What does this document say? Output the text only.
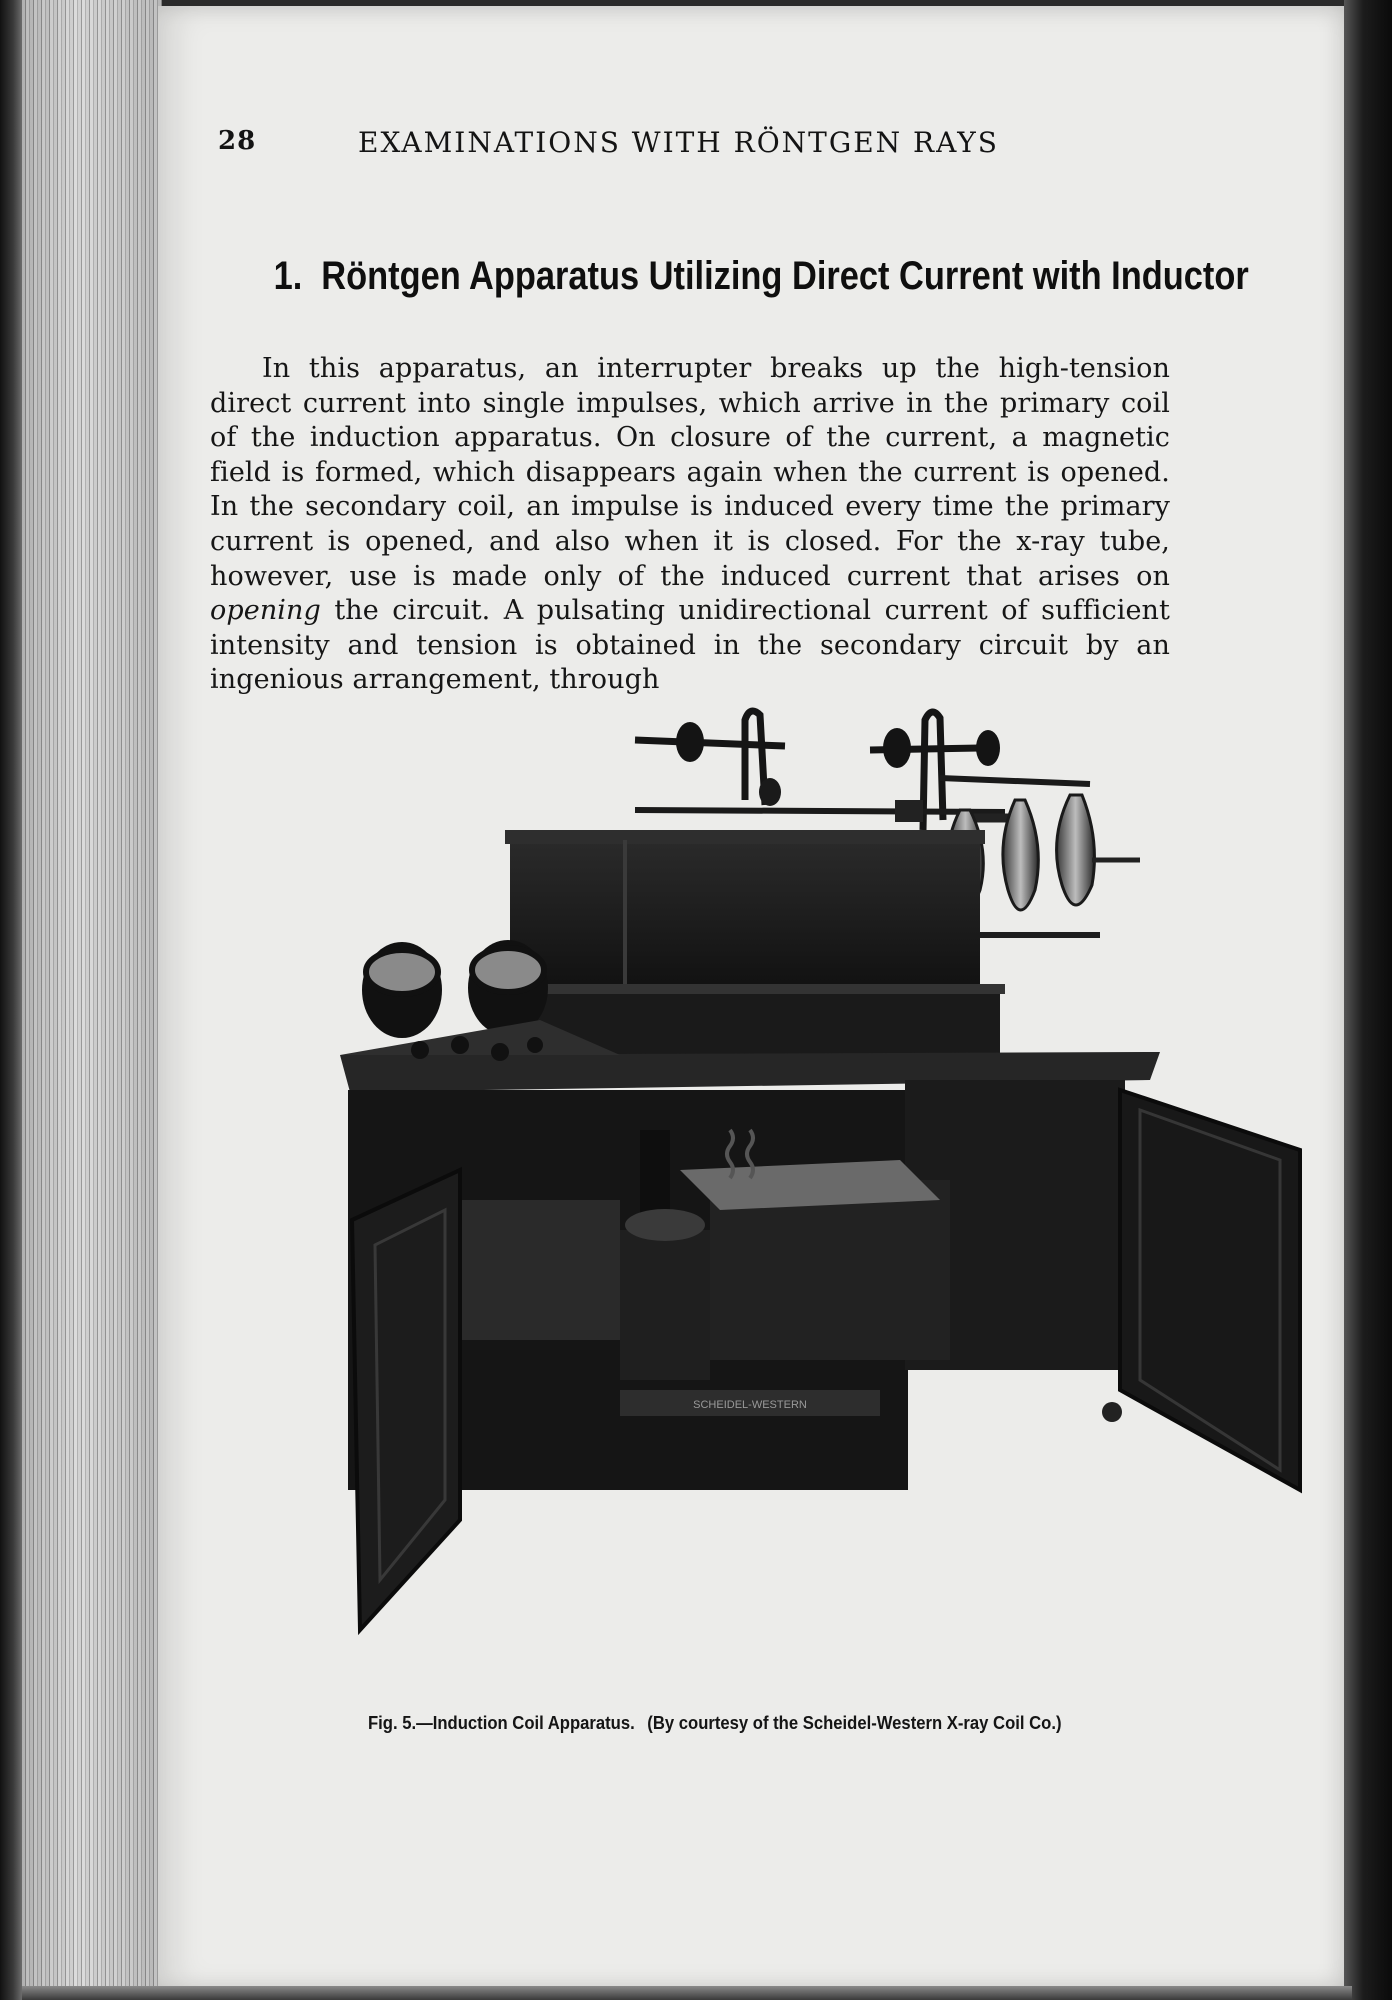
28	EXAMINATIONS WITH RÖNTGEN RAYS
1. Röntgen Apparatus Utilizing Direct Current with Inductor

In this apparatus, an interrupter breaks up the high-tension direct current into single impulses, which arrive in the primary coil of the induction apparatus. On closure of the current, a magnetic field is formed, which disappears again when the current is opened. In the secondary coil, an impulse is induced every time the primary current is opened, and also when it is closed. For the x-ray tube, however, use is made only of the induced current that arises on opening the circuit. A pulsating unidirectional current of sufficient intensity and tension is obtained in the secondary circuit by an ingenious arrangement, through

SCHEIDEL-WESTERN
Fig. 5.—Induction Coil Apparatus. (By courtesy of the Scheidel-Western X-ray Coil Co.)
